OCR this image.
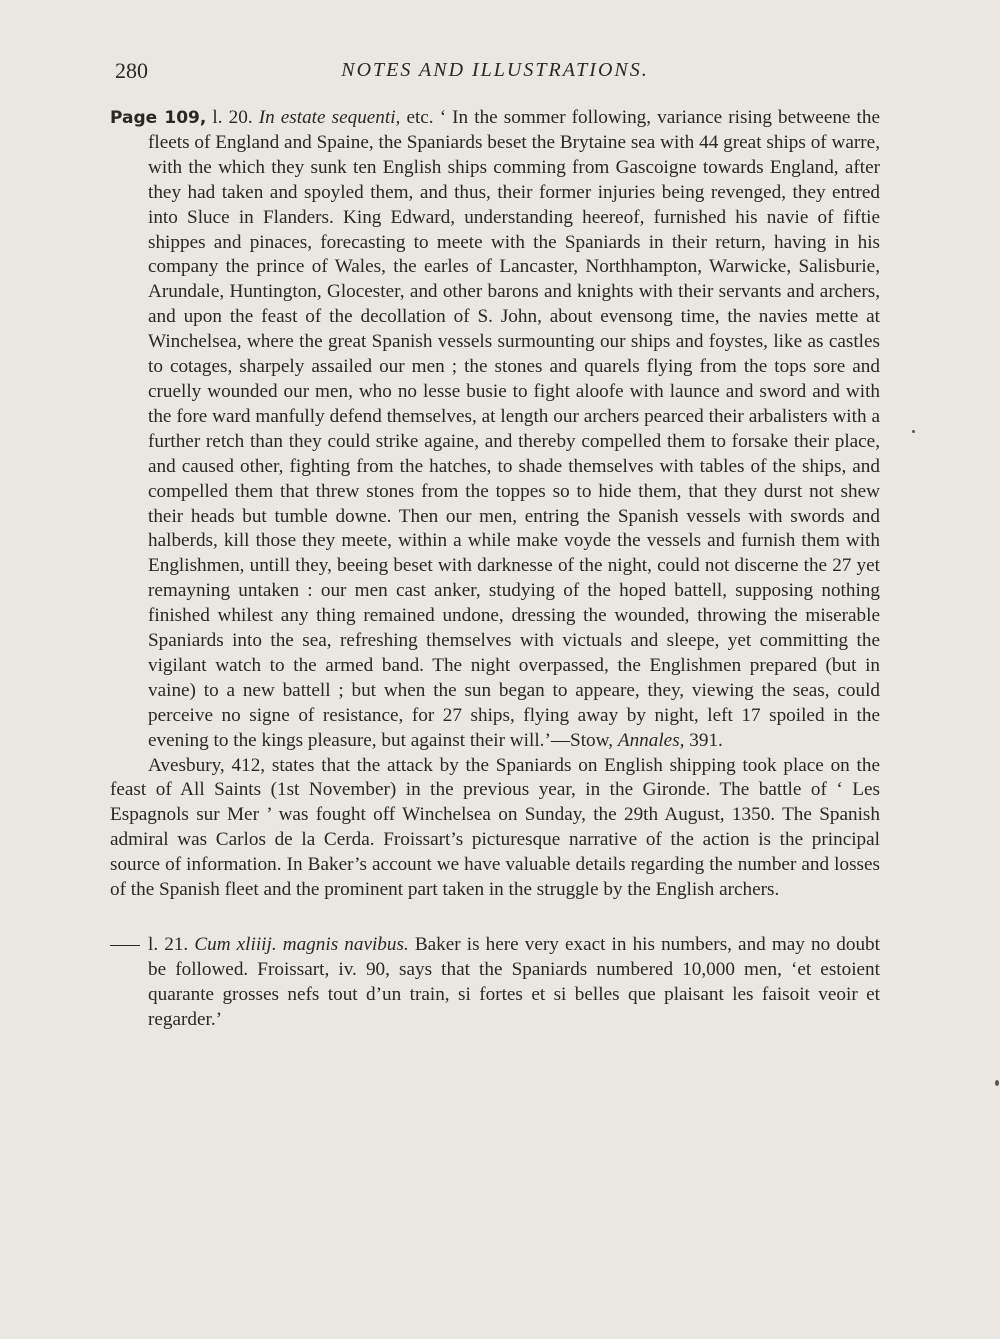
280	NOTES AND ILLUSTRATIONS.

Page 109, l. 20. In estate sequenti, etc. ‘ In the sommer following, variance rising betweene the fleets of England and Spaine, the Spaniards beset the Brytaine sea with 44 great ships of warre, with the which they sunk ten English ships comming from Gascoigne towards England, after they had taken and spoyled them, and thus, their former injuries being revenged, they entred into Sluce in Flanders. King Edward, understanding heereof, furnished his navie of fiftie shippes and pinaces, forecasting to meete with the Spaniards in their return, having in his company the prince of Wales, the earles of Lancaster, Northhampton, Warwicke, Salisburie, Arundale, Huntington, Glocester, and other barons and knights with their servants and archers, and upon the feast of the decollation of S. John, about evensong time, the navies mette at Winchelsea, where the great Spanish vessels surmounting our ships and foystes, like as castles to cotages, sharpely assailed our men ; the stones and quarels flying from the tops sore and cruelly wounded our men, who no lesse busie to fight aloofe with launce and sword and with the fore ward manfully defend themselves, at length our archers pearced their arbalisters with a further retch than they could strike againe, and thereby compelled them to forsake their place, and caused other, fighting from the hatches, to shade themselves with tables of the ships, and compelled them that threw stones from the toppes so to hide them, that they durst not shew their heads but tumble downe. Then our men, entring the Spanish vessels with swords and halberds, kill those they meete, within a while make voyde the vessels and furnish them with Englishmen, untill they, beeing beset with darknesse of the night, could not discerne the 27 yet remayning untaken : our men cast anker, studying of the hoped battell, supposing nothing finished whilest any thing remained undone, dressing the wounded, throwing the miserable Spaniards into the sea, refreshing themselves with victuals and sleepe, yet committing the vigilant watch to the armed band. The night overpassed, the Englishmen prepared (but in vaine) to a new battell ; but when the sun began to appeare, they, viewing the seas, could perceive no signe of resistance, for 27 ships, flying away by night, left 17 spoiled in the evening to the kings pleasure, but against their will.’—Stow, Annales, 391.

Avesbury, 412, states that the attack by the Spaniards on English shipping took place on the feast of All Saints (1st November) in the previous year, in the Gironde. The battle of ‘ Les Espagnols sur Mer ’ was fought off Winchelsea on Sunday, the 29th August, 1350. The Spanish admiral was Carlos de la Cerda. Froissart’s picturesque narrative of the action is the principal source of information. In Baker’s account we have valuable details regarding the number and losses of the Spanish fleet and the prominent part taken in the struggle by the English archers.

l. 21. Cum xliiij. magnis navibus. Baker is here very exact in his numbers, and may no doubt be followed. Froissart, iv. 90, says that the Spaniards numbered 10,000 men, ‘et estoient quarante grosses nefs tout d’un train, si fortes et si belles que plaisant les faisoit veoir et regarder.’
